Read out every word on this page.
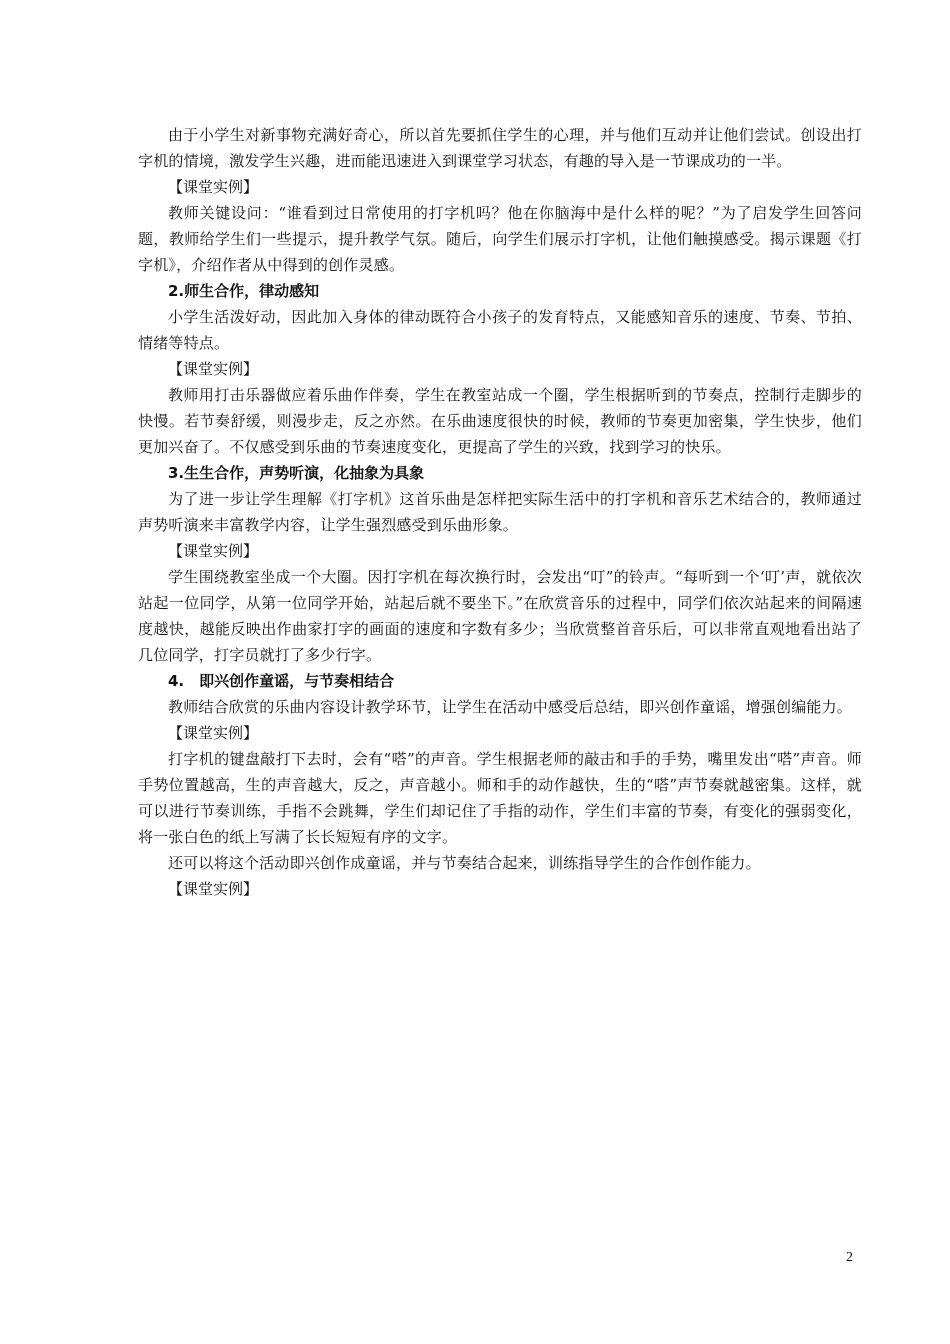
由于小学生对新事物充满好奇心，所以首先要抓住学生的心理，并与他们互动并让他们尝试。创设出打字机的情境，激发学生兴趣，进而能迅速进入到课堂学习状态，有趣的导入是一节课成功的一半。

【课堂实例】

教师关键设问：“谁看到过日常使用的打字机吗？他在你脑海中是什么样的呢？”为了启发学生回答问题，教师给学生们一些提示，提升教学气氛。随后，向学生们展示打字机，让他们触摸感受。揭示课题《打字机》，介绍作者从中得到的创作灵感。

2.师生合作，律动感知

小学生活泼好动，因此加入身体的律动既符合小孩子的发育特点，又能感知音乐的速度、节奏、节拍、情绪等特点。

【课堂实例】

教师用打击乐器做应着乐曲作伴奏，学生在教室站成一个圈，学生根据听到的节奏点，控制行走脚步的快慢。若节奏舒缓，则漫步走，反之亦然。在乐曲速度很快的时候，教师的节奏更加密集，学生快步，他们更加兴奋了。不仅感受到乐曲的节奏速度变化，更提高了学生的兴致，找到学习的快乐。

3.生生合作，声势听演，化抽象为具象

为了进一步让学生理解《打字机》这首乐曲是怎样把实际生活中的打字机和音乐艺术结合的，教师通过声势听演来丰富教学内容，让学生强烈感受到乐曲形象。

【课堂实例】

学生围绕教室坐成一个大圈。因打字机在每次换行时，会发出“叮”的铃声。“每听到一个‘叮’声，就依次站起一位同学，从第一位同学开始，站起后就不要坐下。”在欣赏音乐的过程中，同学们依次站起来的间隔速度越快，越能反映出作曲家打字的画面的速度和字数有多少；当欣赏整首音乐后，可以非常直观地看出站了几位同学，打字员就打了多少行字。

4.　即兴创作童谣，与节奏相结合

教师结合欣赏的乐曲内容设计教学环节，让学生在活动中感受后总结，即兴创作童谣，增强创编能力。

【课堂实例】

打字机的键盘敲打下去时，会有“嗒”的声音。学生根据老师的敲击和手的手势，嘴里发出“嗒”声音。师手势位置越高，生的声音越大，反之，声音越小。师和手的动作越快，生的“嗒”声节奏就越密集。这样，就可以进行节奏训练，手指不会跳舞，学生们却记住了手指的动作，学生们丰富的节奏，有变化的强弱变化，将一张白色的纸上写满了长长短短有序的文字。

还可以将这个活动即兴创作成童谣，并与节奏结合起来，训练指导学生的合作创作能力。

【课堂实例】

2
